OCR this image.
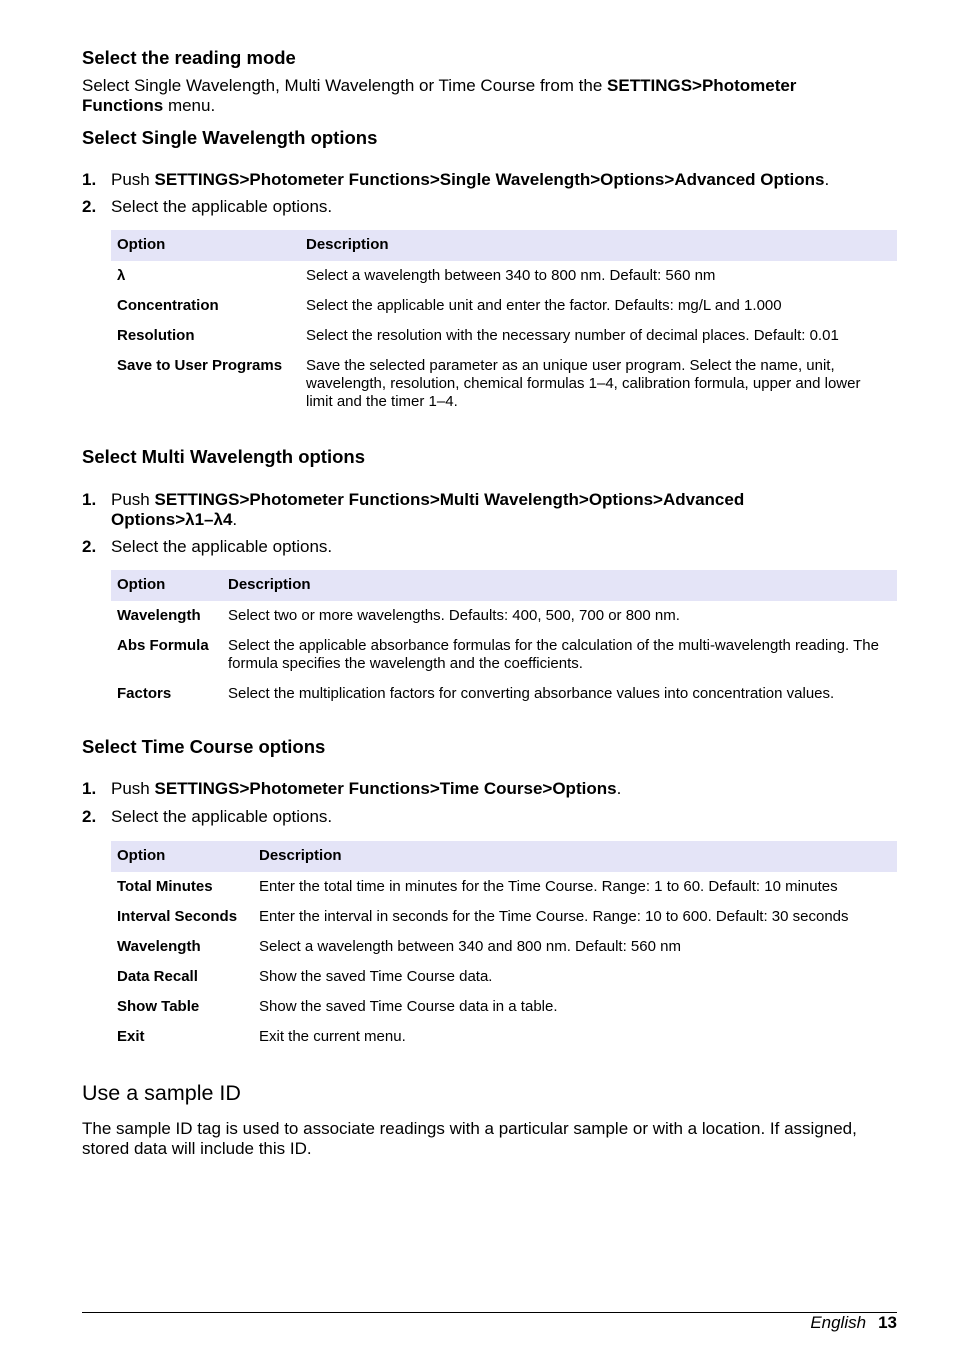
Select the reading mode

Select Single Wavelength, Multi Wavelength or Time Course from the SETTINGS>Photometer
Functions menu.

Select Single Wavelength options
1. Push SETTINGS>Photometer Functions>Single Wavelength>Options>Advanced Options.
2. Select the applicable options.
Option	Description
λ	Select a wavelength between 340 to 800 nm. Default: 560 nm
Concentration	Select the applicable unit and enter the factor. Defaults: mg/L and 1.000
Resolution	Select the resolution with the necessary number of decimal places. Default: 0.01
Save to User Programs	Save the selected parameter as an unique user program. Select the name, unit, wavelength, resolution, chemical formulas 1–4, calibration formula, upper and lower limit and the timer 1–4.
Select Multi Wavelength options
1. Push SETTINGS>Photometer Functions>Multi Wavelength>Options>Advanced
Options>λ1–λ4.
2. Select the applicable options.
Option	Description
Wavelength	Select two or more wavelengths. Defaults: 400, 500, 700 or 800 nm.
Abs Formula	Select the applicable absorbance formulas for the calculation of the multi-wavelength reading. The formula specifies the wavelength and the coefficients.
Factors	Select the multiplication factors for converting absorbance values into concentration values.
Select Time Course options
1. Push SETTINGS>Photometer Functions>Time Course>Options.
2. Select the applicable options.
Option	Description
Total Minutes	Enter the total time in minutes for the Time Course. Range: 1 to 60. Default: 10 minutes
Interval Seconds	Enter the interval in seconds for the Time Course. Range: 10 to 600. Default: 30 seconds
Wavelength	Select a wavelength between 340 and 800 nm. Default: 560 nm
Data Recall	Show the saved Time Course data.
Show Table	Show the saved Time Course data in a table.
Exit	Exit the current menu.
Use a sample ID

The sample ID tag is used to associate readings with a particular sample or with a location. If assigned, stored data will include this ID.

English 13
